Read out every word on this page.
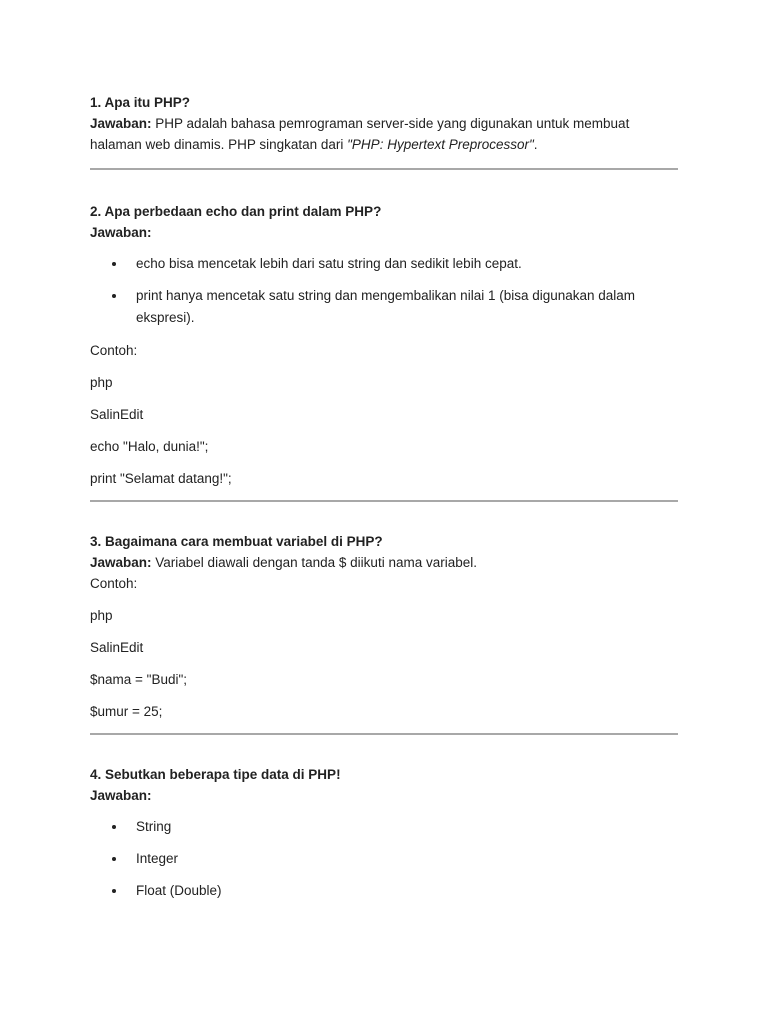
1. Apa itu PHP?
Jawaban: PHP adalah bahasa pemrograman server-side yang digunakan untuk membuat
halaman web dinamis. PHP singkatan dari "PHP: Hypertext Preprocessor".
2. Apa perbedaan echo dan print dalam PHP?
Jawaban:
echo bisa mencetak lebih dari satu string dan sedikit lebih cepat.
print hanya mencetak satu string dan mengembalikan nilai 1 (bisa digunakan dalam
ekspresi).
Contoh:
php
SalinEdit
echo "Halo, dunia!";
print "Selamat datang!";
3. Bagaimana cara membuat variabel di PHP?
Jawaban: Variabel diawali dengan tanda $ diikuti nama variabel.
Contoh:
php
SalinEdit
$nama = "Budi";
$umur = 25;
4. Sebutkan beberapa tipe data di PHP!
Jawaban:
String
Integer
Float (Double)
